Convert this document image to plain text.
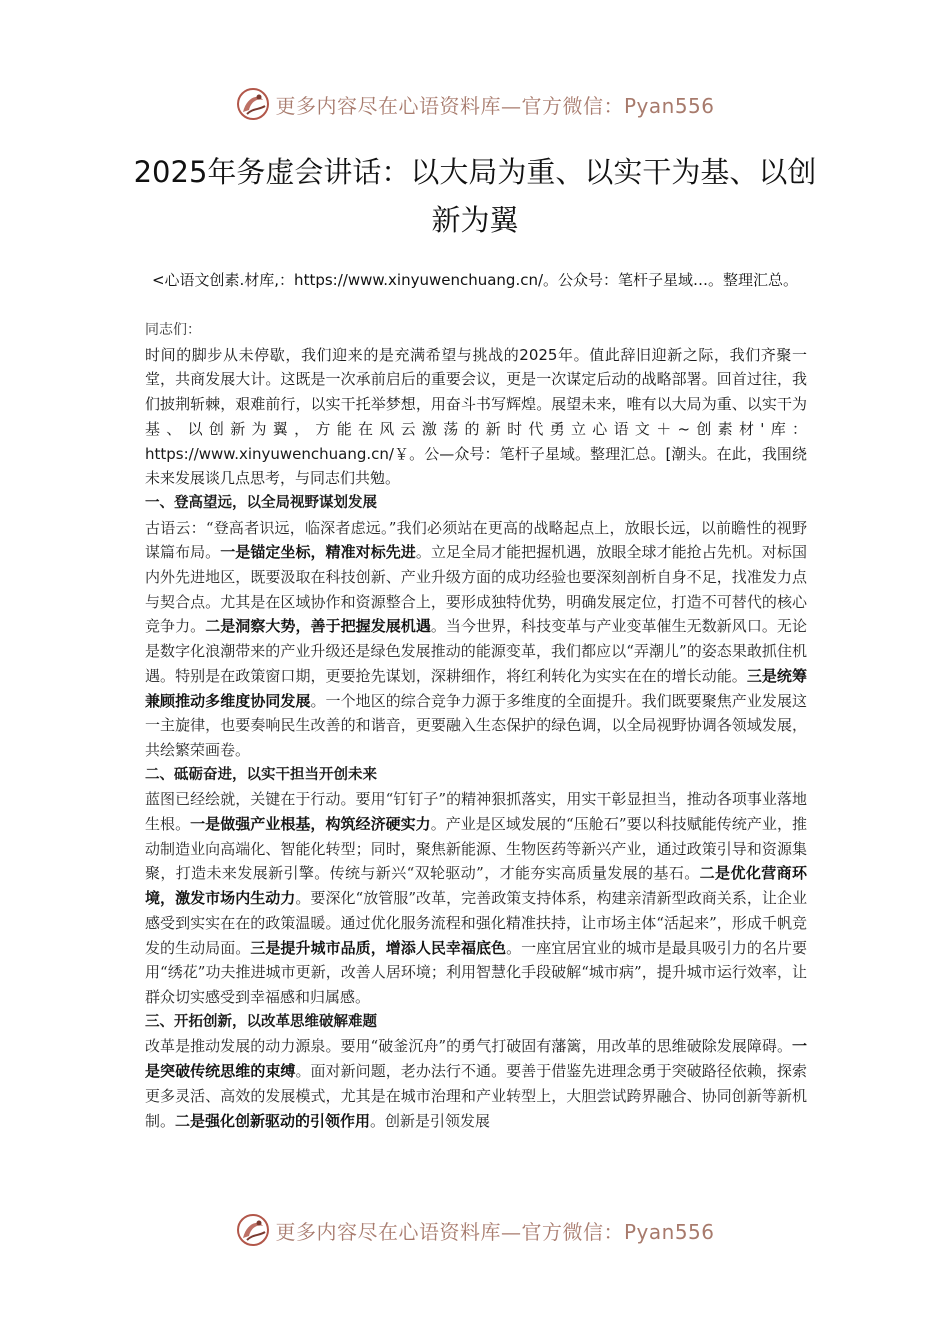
更多内容尽在心语资料库—官方微信：Pyan556
2025年务虚会讲话：以大局为重、以实干为基、以创新为翼
<心语文创素.材库,：https://www.xinyuwenchuang.cn/。公众号：笔杆子星域…。整理汇总。

同志们：

时间的脚步从未停歇，我们迎来的是充满希望与挑战的2025年。值此辞旧迎新之际，我们齐聚一堂，共商发展大计。这既是一次承前启后的重要会议，更是一次谋定后动的战略部署。回首过往，我们披荆斩棘，艰难前行，以实干托举梦想，用奋斗书写辉煌。展望未来，唯有以大局为重、以实干为基、以创新为翼，方能在风云激荡的新时代勇立心语文＋~创素材'库：https://www.xinyuwenchuang.cn/￥。公—众号：笔杆子星域。整理汇总。[潮头。在此，我围绕未来发展谈几点思考，与同志们共勉。

一、登高望远，以全局视野谋划发展

古语云：“登高者识远，临深者虑远。”我们必须站在更高的战略起点上，放眼长远，以前瞻性的视野谋篇布局。一是锚定坐标，精准对标先进。立足全局才能把握机遇，放眼全球才能抢占先机。对标国内外先进地区，既要汲取在科技创新、产业升级方面的成功经验也要深刻剖析自身不足，找准发力点与契合点。尤其是在区域协作和资源整合上，要形成独特优势，明确发展定位，打造不可替代的核心竞争力。二是洞察大势，善于把握发展机遇。当今世界，科技变革与产业变革催生无数新风口。无论是数字化浪潮带来的产业升级还是绿色发展推动的能源变革，我们都应以“弄潮儿”的姿态果敢抓住机遇。特别是在政策窗口期，更要抢先谋划，深耕细作，将红利转化为实实在在的增长动能。三是统筹兼顾推动多维度协同发展。一个地区的综合竞争力源于多维度的全面提升。我们既要聚焦产业发展这一主旋律，也要奏响民生改善的和谐音，更要融入生态保护的绿色调，以全局视野协调各领域发展，共绘繁荣画卷。

二、砥砺奋进，以实干担当开创未来

蓝图已经绘就，关键在于行动。要用“钉钉子”的精神狠抓落实，用实干彰显担当，推动各项事业落地生根。一是做强产业根基，构筑经济硬实力。产业是区域发展的“压舱石”要以科技赋能传统产业，推动制造业向高端化、智能化转型；同时，聚焦新能源、生物医药等新兴产业，通过政策引导和资源集聚，打造未来发展新引擎。传统与新兴“双轮驱动”，才能夯实高质量发展的基石。二是优化营商环境，激发市场内生动力。要深化“放管服”改革，完善政策支持体系，构建亲清新型政商关系，让企业感受到实实在在的政策温暖。通过优化服务流程和强化精准扶持，让市场主体“活起来”，形成千帆竞发的生动局面。三是提升城市品质，增添人民幸福底色。一座宜居宜业的城市是最具吸引力的名片要用“绣花”功夫推进城市更新，改善人居环境；利用智慧化手段破解“城市病”，提升城市运行效率，让群众切实感受到幸福感和归属感。

三、开拓创新，以改革思维破解难题

改革是推动发展的动力源泉。要用“破釜沉舟”的勇气打破固有藩篱，用改革的思维破除发展障碍。一是突破传统思维的束缚。面对新问题，老办法行不通。要善于借鉴先进理念勇于突破路径依赖，探索更多灵活、高效的发展模式，尤其是在城市治理和产业转型上，大胆尝试跨界融合、协同创新等新机制。二是强化创新驱动的引领作用。创新是引领发展

更多内容尽在心语资料库—官方微信：Pyan556
